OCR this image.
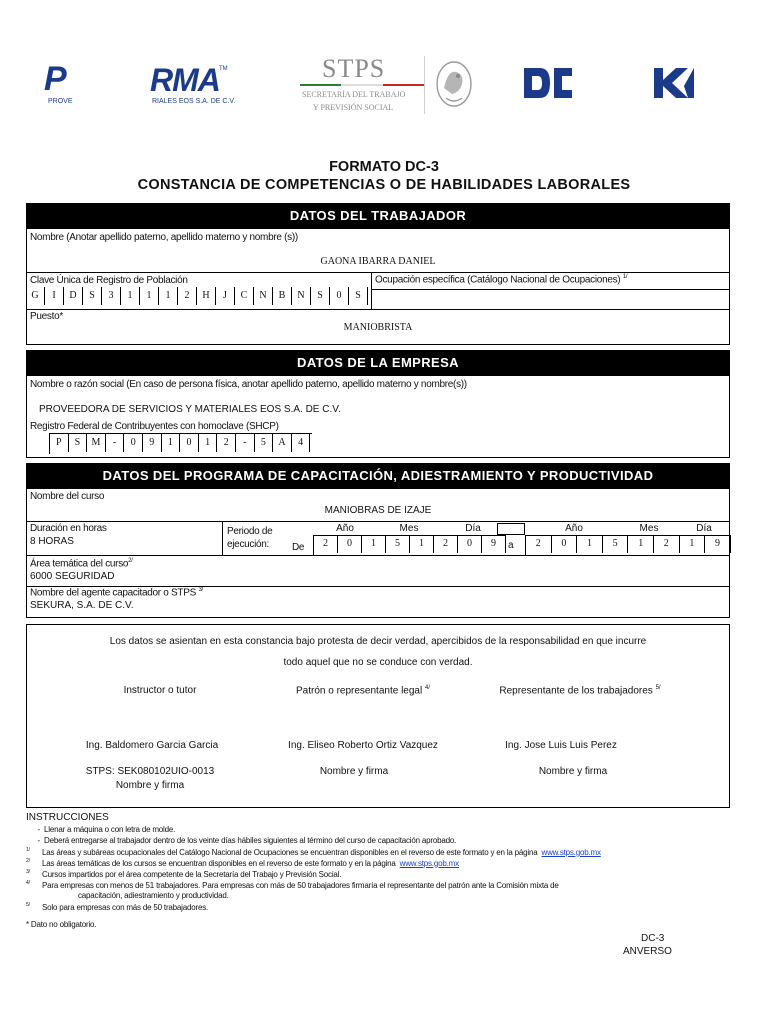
P
PROVE
RMA TM
RIALES EOS S.A. DE C.V.
STPS
SECRETARÍA DEL TRABAJO
Y PREVISIÓN SOCIAL
FORMATO DC-3
CONSTANCIA DE COMPETENCIAS O DE HABILIDADES LABORALES
DATOS DEL TRABAJADOR
Nombre (Anotar apellido paterno, apellido materno y nombre (s))
GAONA IBARRA DANIEL
Clave Única de Registro de Población	Ocupación específica (Catálogo Nacional de Ocupaciones) $^{1/}$
G	I	D	S	3	1	1	1	2	H	J	C	N	B	N	S	0	S
Puesto*
MANIOBRISTA
DATOS DE LA EMPRESA
Nombre o razón social (En caso de persona física, anotar apellido paterno, apellido materno y nombre(s))
PROVEEDORA DE SERVICIOS Y MATERIALES EOS S.A. DE C.V.
Registro Federal de Contribuyentes con homoclave (SHCP)
P	S	M	-	0	9	1	0	1	2	-	5	A	4
DATOS DEL PROGRAMA DE CAPACITACIÓN, ADIESTRAMIENTO Y PRODUCTIVIDAD
Nombre del curso
MANIOBRAS DE IZAJE
Duración en horas
8 HORAS
Periodo de
ejecución: De
Año	Mes	Día
2	0	1	5	1	2	0	9	a
Año	Mes	Día
2	0	1	5	1	2	1	9
Área temática del curso$^{2/}$
6000 SEGURIDAD
Nombre del agente capacitador o STPS $^{3/}$
SEKURA, S.A. DE C.V.
Los datos se asientan en esta constancia bajo protesta de decir verdad, apercibidos de la responsabilidad en que incurre
todo aquel que no se conduce con verdad.
Instructor o tutor	Patrón o representante legal $^{4/}$	Representante de los trabajadores $^{5/}$
Ing. Baldomero Garcia Garcia	Ing. Eliseo Roberto Ortiz Vazquez	Ing. Jose Luis Luis Perez
STPS: SEK080102UIO-0013	Nombre y firma	Nombre y firma
Nombre y firma
INSTRUCCIONES
- Llenar a máquina o con letra de molde.
- Deberá entregarse al trabajador dentro de los veinte días hábiles siguientes al término del curso de capacitación aprobado.
1/ Las áreas y subáreas ocupacionales del Catálogo Nacional de Ocupaciones se encuentran disponibles en el reverso de este formato y en la página www.stps.gob.mx
2/ Las áreas temáticas de los cursos se encuentran disponibles en el reverso de este formato y en la página www.stps.gob.mx
3/ Cursos impartidos por el área competente de la Secretaría del Trabajo y Previsión Social.
4/ Para empresas con menos de 51 trabajadores. Para empresas con más de 50 trabajadores firmaría el representante del patrón ante la Comisión mixta de
capacitación, adiestramiento y productividad.
5/ Solo para empresas con más de 50 trabajadores.
* Dato no obligatorio.
DC-3
ANVERSO
